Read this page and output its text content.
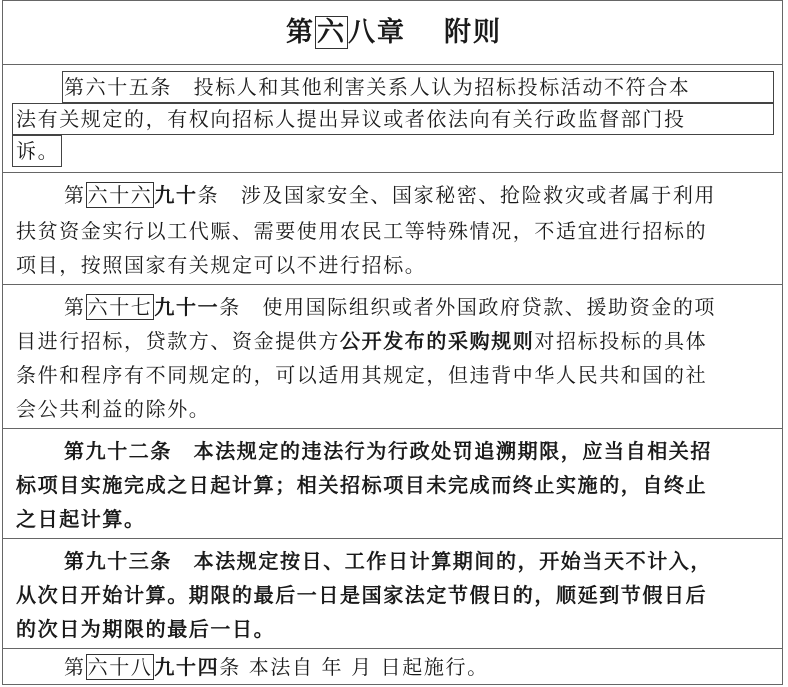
第六八章 附则
第六十五条　投标人和其他利害关系人认为招标投标活动不符合本
法有关规定的，有权向招标人提出异议或者依法向有关行政监督部门投
诉。
第 六十六 九十条　涉及国家安全、国家秘密、抢险救灾或者属于利用
扶贫资金实行以工代赈、需要使用农民工等特殊情况，不适宜进行招标的
项目，按照国家有关规定可以不进行招标。
第 六十七 九十一条　使用国际组织或者外国政府贷款、援助资金的项
目进行招标，贷款方、资金提供方公开发布的采购规则对招标投标的具体
条件和程序有不同规定的，可以适用其规定，但违背中华人民共和国的社
会公共利益的除外。
第九十二条　本法规定的违法行为行政处罚追溯期限，应当自相关招
标项目实施完成之日起计算；相关招标项目未完成而终止实施的，自终止
之日起计算。
第九十三条　本法规定按日、工作日计算期间的，开始当天不计入，
从次日开始计算。期限的最后一日是国家法定节假日的，顺延到节假日后
的次日为期限的最后一日。
第 六十八 九十四条 本法自 年 月 日起施行。
